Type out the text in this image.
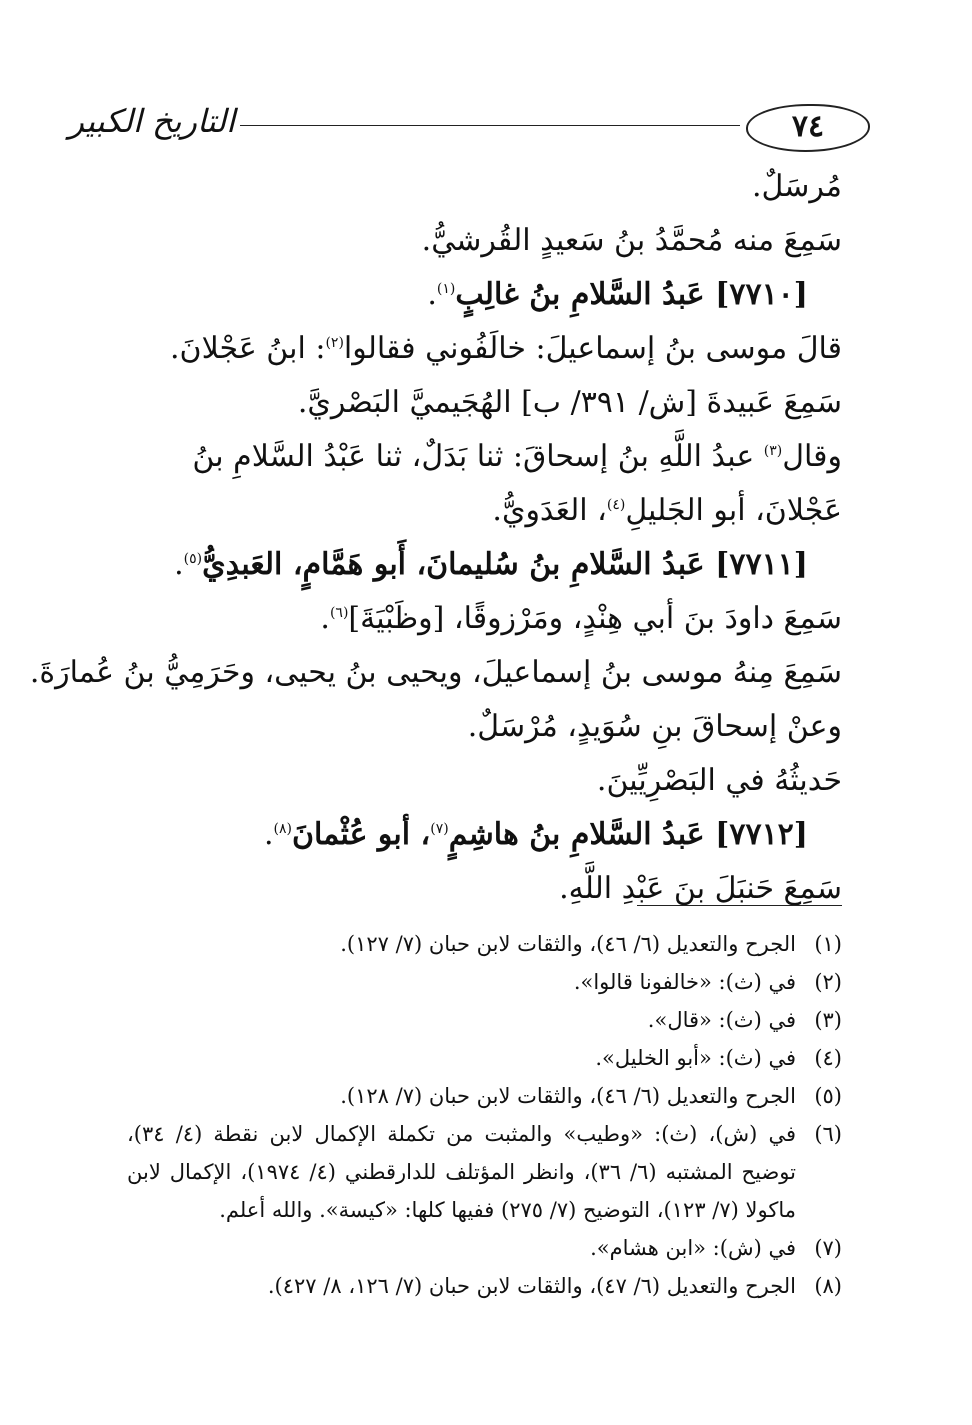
التاريخ الكبير	٧٤
مُرسَلٌ.
سَمِعَ منه مُحمَّدُ بنُ سَعيدٍ القُرشيُّ.
[٧٧١٠] عَبدُ السَّلامِ بنُ غالِبٍ$^{(١)}$.
قالَ موسى بنُ إسماعيلَ: خالَفُوني فقالوا$^{(٢)}$: ابنُ عَجْلانَ.
سَمِعَ عَبيدةَ [ش/ ٣٩١/ ب] الهُجَيميَّ البَصْريَّ.
وقال$^{(٣)}$ عبدُ اللَّهِ بنُ إسحاقَ: ثنا بَدَلٌ، ثنا عَبْدُ السَّلامِ بنُ عَجْلانَ، أبو الجَليلِ$^{(٤)}$، العَدَويُّ.
[٧٧١١] عَبدُ السَّلامِ بنُ سُليمانَ، أَبو هَمَّامٍ، العَبدِيُّ$^{(٥)}$.
سَمِعَ داودَ بنَ أبي هِنْدٍ، ومَرْزوقًا، [وظَبْيَةَ]$^{(٦)}$.
سَمِعَ مِنهُ موسى بنُ إسماعيلَ، ويحيى بنُ يحيى، وحَرَمِيُّ بنُ عُمارَةَ.
وعنْ إسحاقَ بنِ سُوَيدٍ، مُرْسَلٌ.
حَديثُهُ في البَصْرِيِّينَ.
[٧٧١٢] عَبدُ السَّلامِ بنُ هاشِمٍ$^{(٧)}$، أبو عُثْمانَ$^{(٨)}$.
سَمِعَ حَنبَلَ بنَ عَبْدِ اللَّهِ.
(١)
الجرح والتعديل (٦/ ٤٦)، والثقات لابن حبان (٧/ ١٢٧).
(٢)
في (ث): «خالفونا قالوا».
(٣)
في (ث): «قال».
(٤)
في (ث): «أبو الخليل».
(٥)
الجرح والتعديل (٦/ ٤٦)، والثقات لابن حبان (٧/ ١٢٨).
(٦)
في (ش)، (ث): «وطيب» والمثبت من تكملة الإكمال لابن نقطة (٤/ ٣٤)، توضيح المشتبه (٦/ ٣٦)، وانظر المؤتلف للدارقطني (٤/ ١٩٧٤)، الإكمال لابن ماكولا (٧/ ١٢٣)، التوضيح (٧/ ٢٧٥) ففيها كلها: «كيسة». والله أعلم.
(٧)
في (ش): «ابن هشام».
(٨)
الجرح والتعديل (٦/ ٤٧)، والثقات لابن حبان (٧/ ١٢٦، ٨/ ٤٢٧).
